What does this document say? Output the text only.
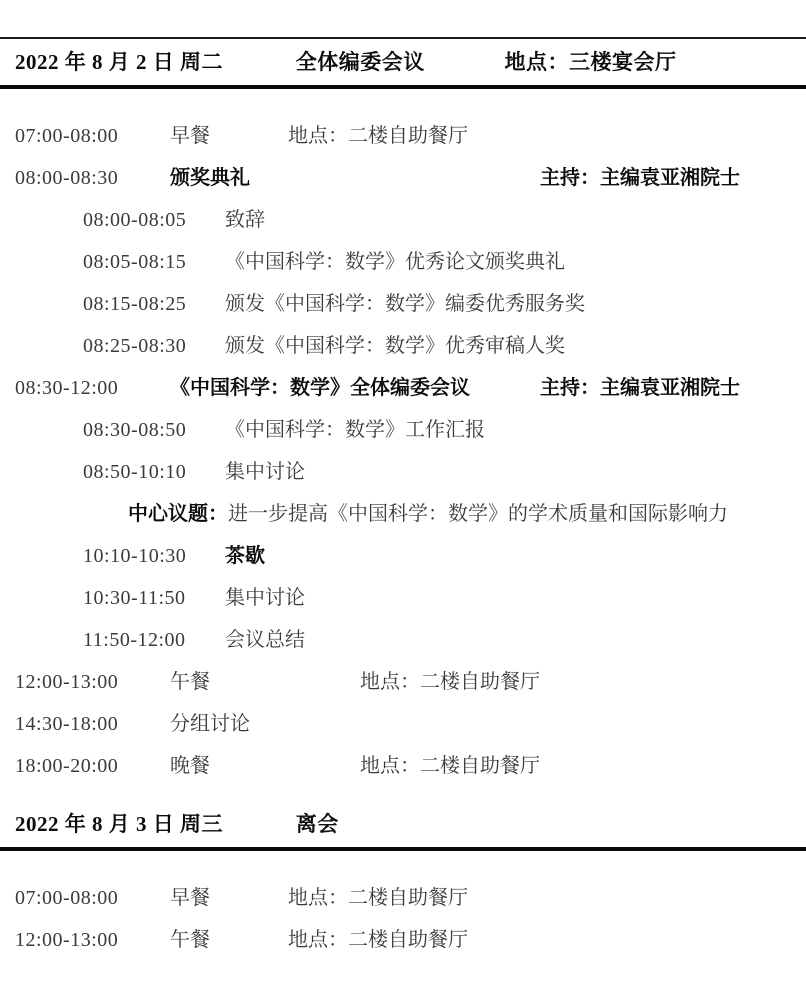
2022 年 8 月 2 日 周二	全体编委会议	地点：三楼宴会厅
07:00-08:00	早餐	地点：二楼自助餐厅
08:00-08:30	颁奖典礼	主持：主编袁亚湘院士
08:00-08:05 致辞
08:05-08:15 《中国科学：数学》优秀论文颁奖典礼
08:15-08:25 颁发《中国科学：数学》编委优秀服务奖
08:25-08:30 颁发《中国科学：数学》优秀审稿人奖
08:30-12:00	《中国科学：数学》全体编委会议	主持：主编袁亚湘院士
08:30-08:50 《中国科学：数学》工作汇报
08:50-10:10 集中讨论
中心议题：进一步提高《中国科学：数学》的学术质量和国际影响力
10:10-10:30 茶歇
10:30-11:50 集中讨论
11:50-12:00 会议总结
12:00-13:00	午餐	地点：二楼自助餐厅
14:30-18:00	分组讨论
18:00-20:00	晚餐	地点：二楼自助餐厅
2022 年 8 月 3 日 周三	离会
07:00-08:00	早餐	地点：二楼自助餐厅
12:00-13:00	午餐	地点：二楼自助餐厅
